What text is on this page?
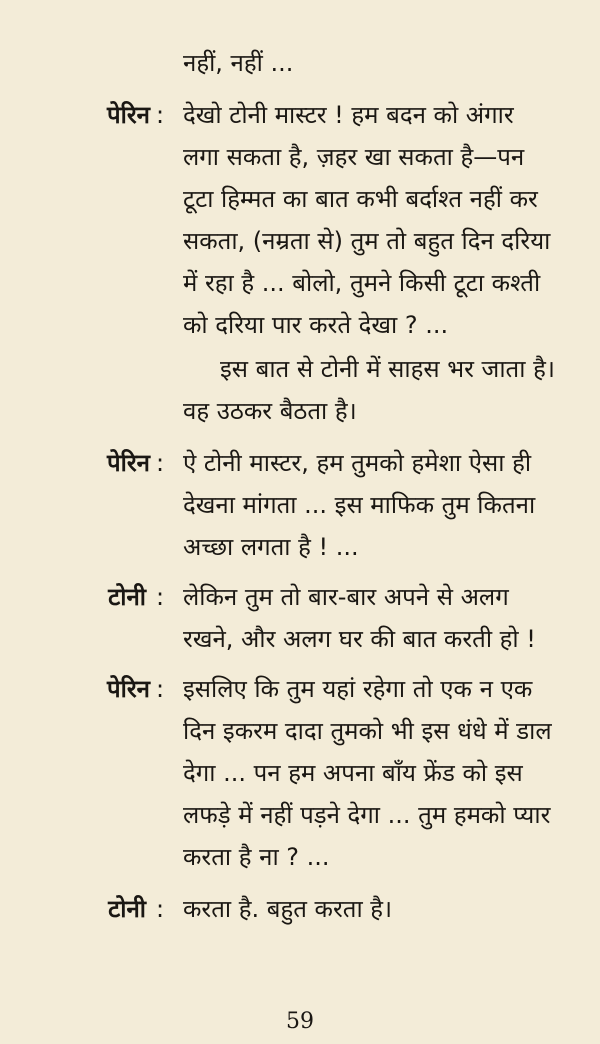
नहीं, नहीं ...
पेरिन : देखो टोनी मास्टर ! हम बदन को अंगार
लगा सकता है, ज़हर खा सकता है—पन
टूटा हिम्मत का बात कभी बर्दाश्त नहीं कर
सकता, (नम्रता से) तुम तो बहुत दिन दरिया
में रहा है ... बोलो, तुमने किसी टूटा कश्ती
को दरिया पार करते देखा ? ...
इस बात से टोनी में साहस भर जाता है।
वह उठकर बैठता है।
पेरिन : ऐ टोनी मास्टर, हम तुमको हमेशा ऐसा ही
देखना मांगता ... इस माफिक तुम कितना
अच्छा लगता है ! ...
टोनी : लेकिन तुम तो बार-बार अपने से अलग
रखने, और अलग घर की बात करती हो !
पेरिन : इसलिए कि तुम यहां रहेगा तो एक न एक
दिन इकरम दादा तुमको भी इस धंधे में डाल
देगा ... पन हम अपना बाँय फ्रेंड को इस
लफड़े में नहीं पड़ने देगा ... तुम हमको प्यार
करता है ना ? ...
टोनी : करता है. बहुत करता है।
59
